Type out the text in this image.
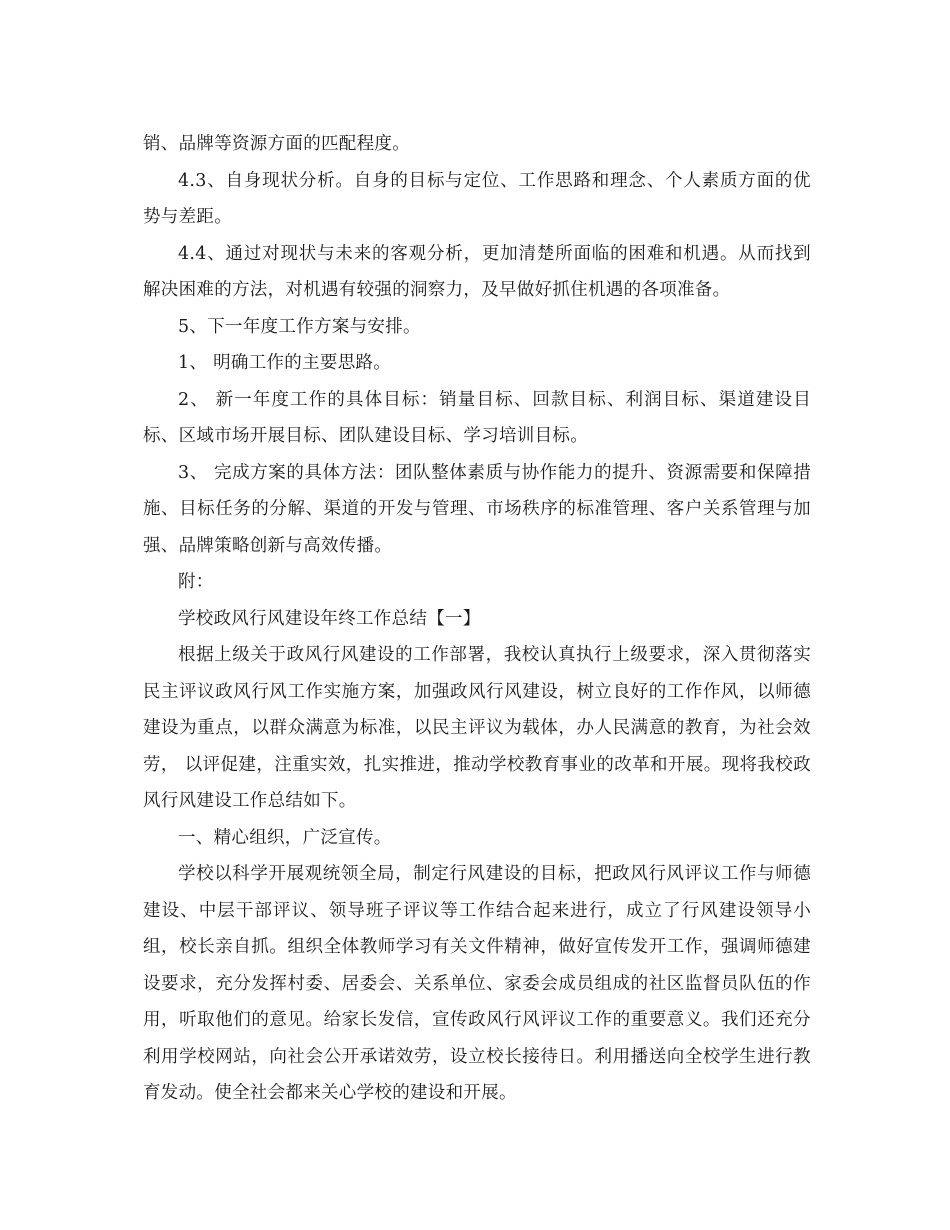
销、品牌等资源方面的匹配程度。

4.3、自身现状分析。自身的目标与定位、工作思路和理念、个人素质方面的优势与差距。

4.4、通过对现状与未来的客观分析，更加清楚所面临的困难和机遇。从而找到解决困难的方法，对机遇有较强的洞察力，及早做好抓住机遇的各项准备。

5、下一年度工作方案与安排。

1、 明确工作的主要思路。

2、 新一年度工作的具体目标：销量目标、回款目标、利润目标、渠道建设目标、区域市场开展目标、团队建设目标、学习培训目标。

3、 完成方案的具体方法：团队整体素质与协作能力的提升、资源需要和保障措施、目标任务的分解、渠道的开发与管理、市场秩序的标准管理、客户关系管理与加强、品牌策略创新与高效传播。

附：

学校政风行风建设年终工作总结【一】

根据上级关于政风行风建设的工作部署，我校认真执行上级要求，深入贯彻落实民主评议政风行风工作实施方案，加强政风行风建设，树立良好的工作作风，以师德建设为重点，以群众满意为标准，以民主评议为载体，办人民满意的教育，为社会效劳， 以评促建，注重实效，扎实推进，推动学校教育事业的改革和开展。现将我校政风行风建设工作总结如下。

一、精心组织，广泛宣传。

学校以科学开展观统领全局，制定行风建设的目标，把政风行风评议工作与师德建设、中层干部评议、领导班子评议等工作结合起来进行，成立了行风建设领导小组，校长亲自抓。组织全体教师学习有关文件精神，做好宣传发开工作，强调师德建设要求，充分发挥村委、居委会、关系单位、家委会成员组成的社区监督员队伍的作用，听取他们的意见。给家长发信，宣传政风行风评议工作的重要意义。我们还充分利用学校网站，向社会公开承诺效劳，设立校长接待日。利用播送向全校学生进行教育发动。使全社会都来关心学校的建设和开展。
